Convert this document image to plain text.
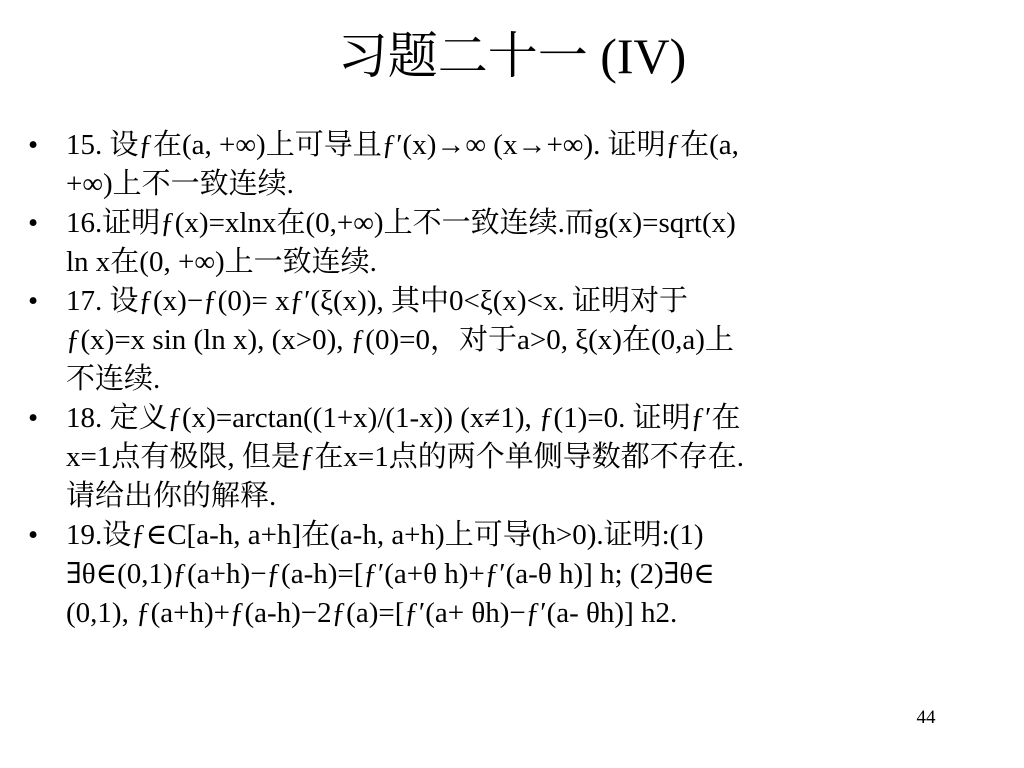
习题二十一 (IV)
• 15. 设ƒ在(a, +∞)上可导且ƒ′(x)→∞ (x→+∞). 证明ƒ在(a,
+∞)上不一致连续.
• 16.证明ƒ(x)=xlnx在(0,+∞)上不一致连续.而g(x)=sqrt(x)
ln x在(0, +∞)上一致连续.
• 17. 设ƒ(x)−ƒ(0)= xƒ′(ξ(x)), 其中0<ξ(x)<x. 证明对于
ƒ(x)=x sin (ln x), (x>0), ƒ(0)=0，对于a>0, ξ(x)在(0,a)上
不连续.
• 18. 定义ƒ(x)=arctan((1+x)/(1-x)) (x≠1), ƒ(1)=0. 证明ƒ′在
x=1点有极限, 但是ƒ在x=1点的两个单侧导数都不存在.
请给出你的解释.
• 19.设ƒ∈C[a-h, a+h]在(a-h, a+h)上可导(h>0).证明:(1)
∃θ∈(0,1)ƒ(a+h)−ƒ(a-h)=[ƒ′(a+θ h)+ƒ′(a-θ h)] h; (2)∃θ∈
(0,1), ƒ(a+h)+ƒ(a-h)−2ƒ(a)=[ƒ′(a+ θh)−ƒ′(a- θh)] h2.
44
